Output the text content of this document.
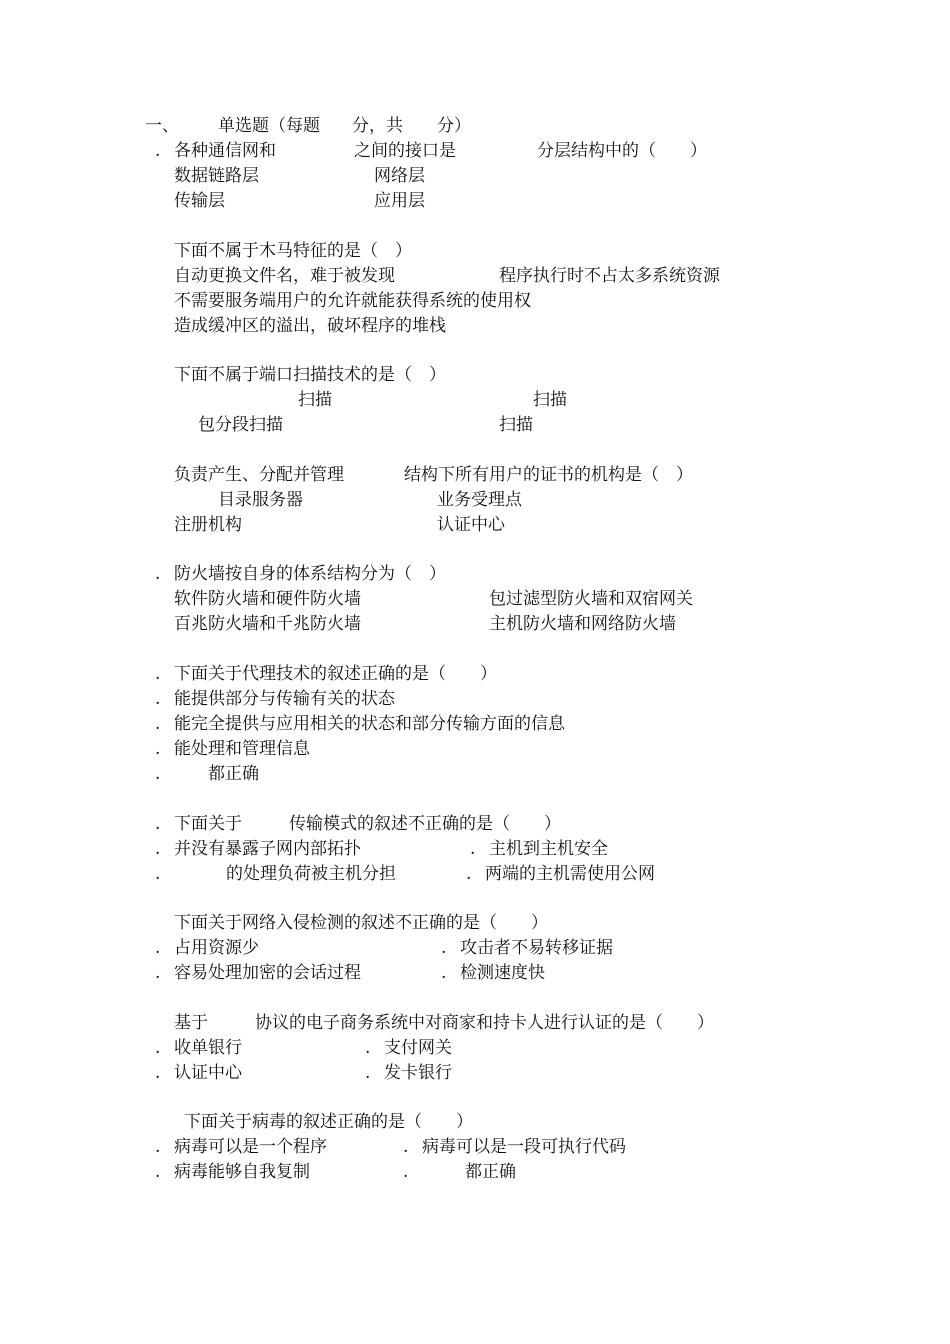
一、 单选题（每题 分，共 分）
. 各种通信网和	之间的接口是	分层结构中的（　　）
数据链路层	网络层
传输层	应用层
下面不属于木马特征的是（　）
自动更换文件名，难于被发现	程序执行时不占太多系统资源
不需要服务端用户的允许就能获得系统的使用权
造成缓冲区的溢出，破坏程序的堆栈
下面不属于端口扫描技术的是（　）
扫描	扫描
包分段扫描	扫描
负责产生、分配并管理	结构下所有用户的证书的机构是（　）
目录服务器	业务受理点
注册机构	认证中心
. 防火墙按自身的体系结构分为（　）
软件防火墙和硬件防火墙	包过滤型防火墙和双宿网关
百兆防火墙和千兆防火墙	主机防火墙和网络防火墙
. 下面关于代理技术的叙述正确的是（　　）
. 能提供部分与传输有关的状态
. 能完全提供与应用相关的状态和部分传输方面的信息
. 能处理和管理信息
.	都正确
. 下面关于	传输模式的叙述不正确的是（　　）
. 并没有暴露子网内部拓扑	. 主机到主机安全
.	的处理负荷被主机分担	. 两端的主机需使用公网
下面关于网络入侵检测的叙述不正确的是（　　）
. 占用资源少	. 攻击者不易转移证据
. 容易处理加密的会话过程	. 检测速度快
基于	协议的电子商务系统中对商家和持卡人进行认证的是（　　）
. 收单银行	. 支付网关
. 认证中心	. 发卡银行
下面关于病毒的叙述正确的是（　　）
. 病毒可以是一个程序	. 病毒可以是一段可执行代码
. 病毒能够自我复制	.	都正确
